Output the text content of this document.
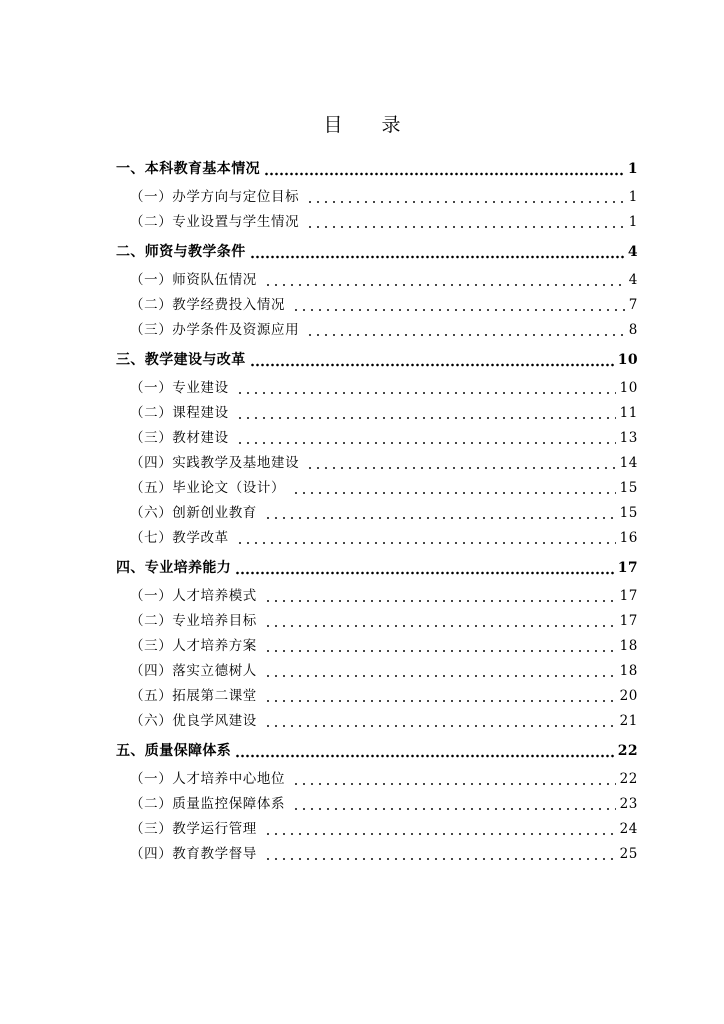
目　录
一、本科教育基本情况	1
（一）办学方向与定位目标	1
（二）专业设置与学生情况	1
二、师资与教学条件	4
（一）师资队伍情况	4
（二）教学经费投入情况	7
（三）办学条件及资源应用	8
三、教学建设与改革	10
（一）专业建设	10
（二）课程建设	11
（三）教材建设	13
（四）实践教学及基地建设	14
（五）毕业论文（设计）	15
（六）创新创业教育	15
（七）教学改革	16
四、专业培养能力	17
（一）人才培养模式	17
（二）专业培养目标	17
（三）人才培养方案	18
（四）落实立德树人	18
（五）拓展第二课堂	20
（六）优良学风建设	21
五、质量保障体系	22
（一）人才培养中心地位	22
（二）质量监控保障体系	23
（三）教学运行管理	24
（四）教育教学督导	25
